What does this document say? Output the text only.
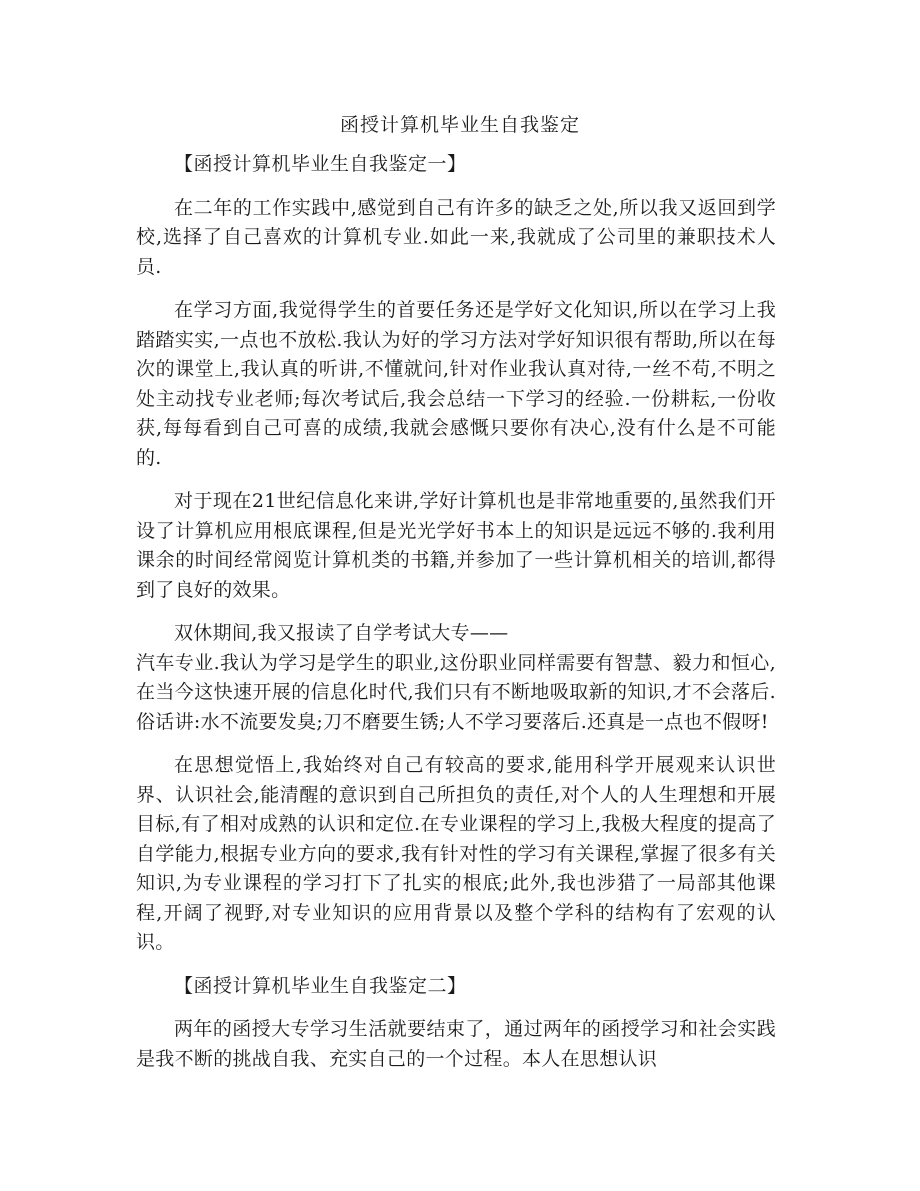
函授计算机毕业生自我鉴定

【函授计算机毕业生自我鉴定一】

在二年的工作实践中,感觉到自己有许多的缺乏之处,所以我又返回到学校,选择了自己喜欢的计算机专业.如此一来,我就成了公司里的兼职技术人员.

在学习方面,我觉得学生的首要任务还是学好文化知识,所以在学习上我踏踏实实,一点也不放松.我认为好的学习方法对学好知识很有帮助,所以在每次的课堂上,我认真的听讲,不懂就问,针对作业我认真对待,一丝不苟,不明之处主动找专业老师;每次考试后,我会总结一下学习的经验.一份耕耘,一份收获,每每看到自己可喜的成绩,我就会感慨只要你有决心,没有什么是不可能的.

对于现在21世纪信息化来讲,学好计算机也是非常地重要的,虽然我们开设了计算机应用根底课程,但是光光学好书本上的知识是远远不够的.我利用课余的时间经常阅览计算机类的书籍,并参加了一些计算机相关的培训,都得到了良好的效果。

双休期间,我又报读了自学考试大专——
汽车专业.我认为学习是学生的职业,这份职业同样需要有智慧、毅力和恒心,在当今这快速开展的信息化时代,我们只有不断地吸取新的知识,才不会落后.俗话讲:水不流要发臭;刀不磨要生锈;人不学习要落后.还真是一点也不假呀!

在思想觉悟上,我始终对自己有较高的要求,能用科学开展观来认识世界、认识社会,能清醒的意识到自己所担负的责任,对个人的人生理想和开展目标,有了相对成熟的认识和定位.在专业课程的学习上,我极大程度的提高了自学能力,根据专业方向的要求,我有针对性的学习有关课程,掌握了很多有关知识,为专业课程的学习打下了扎实的根底;此外,我也涉猎了一局部其他课程,开阔了视野,对专业知识的应用背景以及整个学科的结构有了宏观的认识。

【函授计算机毕业生自我鉴定二】

两年的函授大专学习生活就要结束了，通过两年的函授学习和社会实践是我不断的挑战自我、充实自己的一个过程。本人在思想认识
